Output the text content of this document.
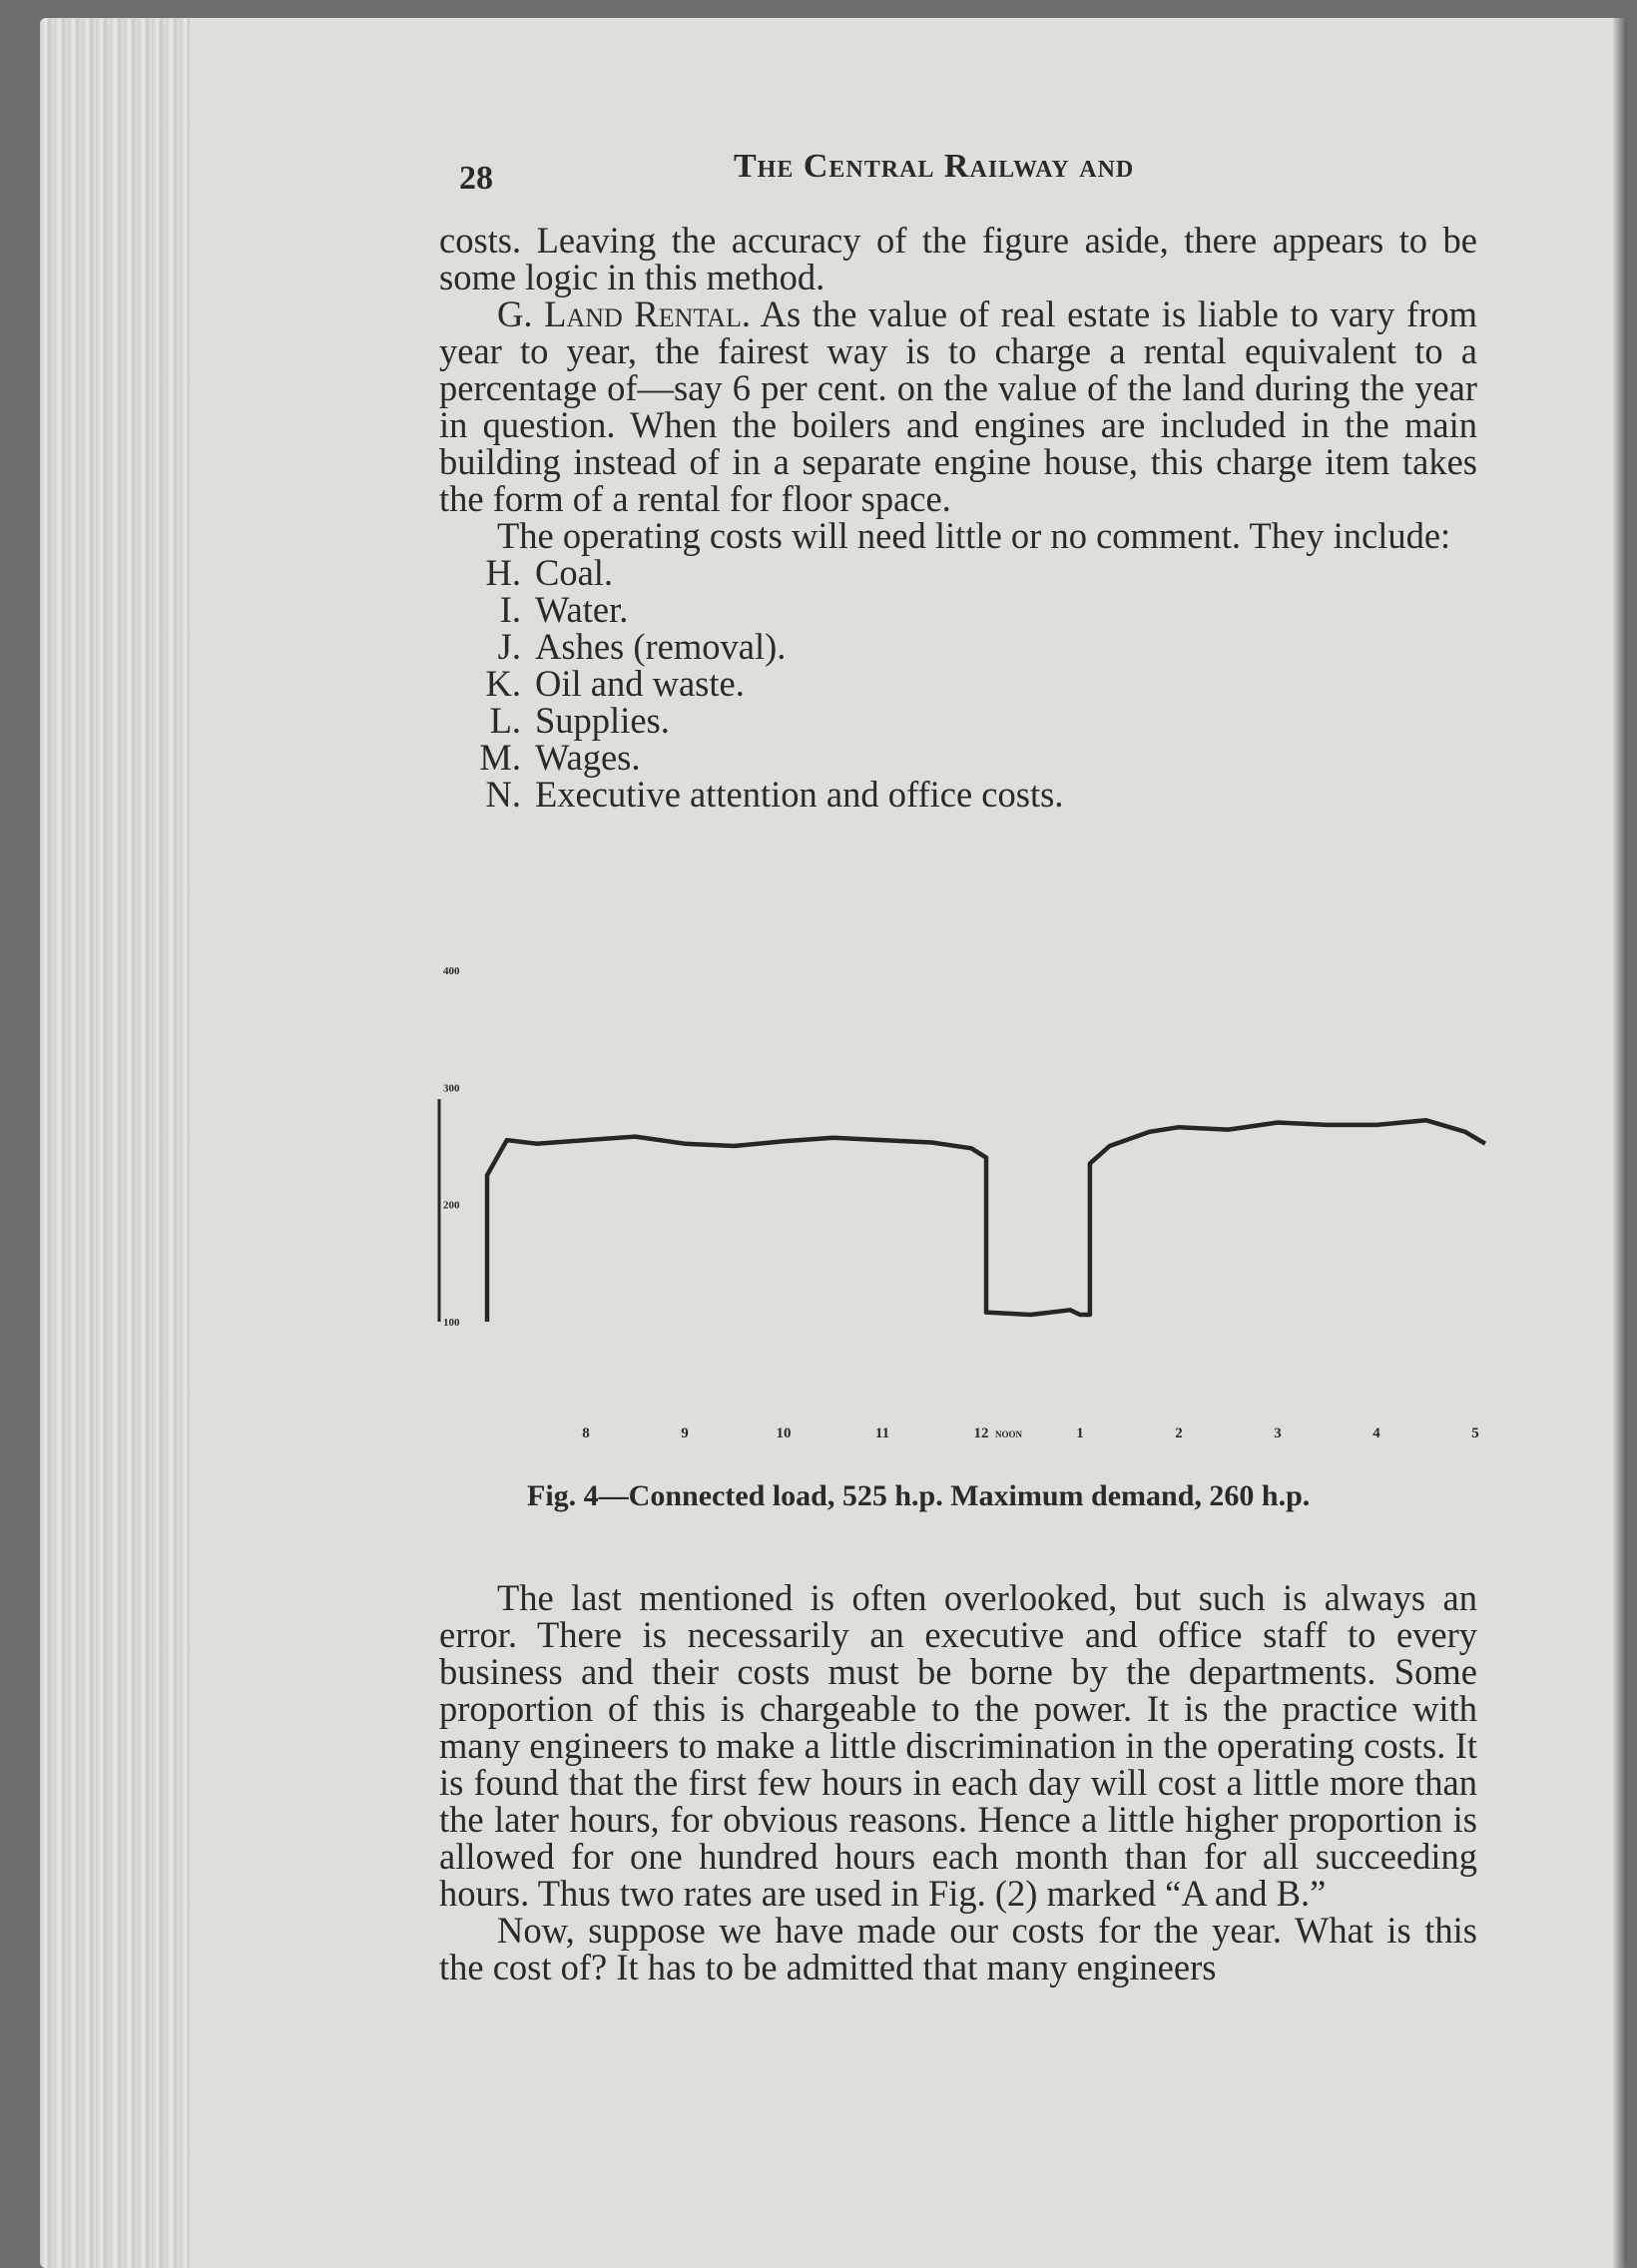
28	The Central Railway and

costs. Leaving the accuracy of the figure aside, there appears to be some logic in this method.

G. Land Rental. As the value of real estate is liable to vary from year to year, the fairest way is to charge a rental equivalent to a percentage of—say 6 per cent. on the value of the land during the year in question. When the boilers and engines are included in the main building instead of in a separate engine house, this charge item takes the form of a rental for floor space.

The operating costs will need little or no comment. They include:

H. Coal.
I. Water.
J. Ashes (removal).
K. Oil and waste.
L. Supplies.
M. Wages.
N. Executive attention and office costs.
400
300
200
100
8	9	10	11	12 NOON	1	2	3	4	5
Fig. 4—Connected load, 525 h.p. Maximum demand, 260 h.p.

The last mentioned is often overlooked, but such is always an error. There is necessarily an executive and office staff to every business and their costs must be borne by the departments. Some proportion of this is chargeable to the power. It is the practice with many engineers to make a little discrimination in the operating costs. It is found that the first few hours in each day will cost a little more than the later hours, for obvious reasons. Hence a little higher proportion is allowed for one hundred hours each month than for all succeeding hours. Thus two rates are used in Fig. (2) marked “A and B.”

Now, suppose we have made our costs for the year. What is this the cost of? It has to be admitted that many engineers
